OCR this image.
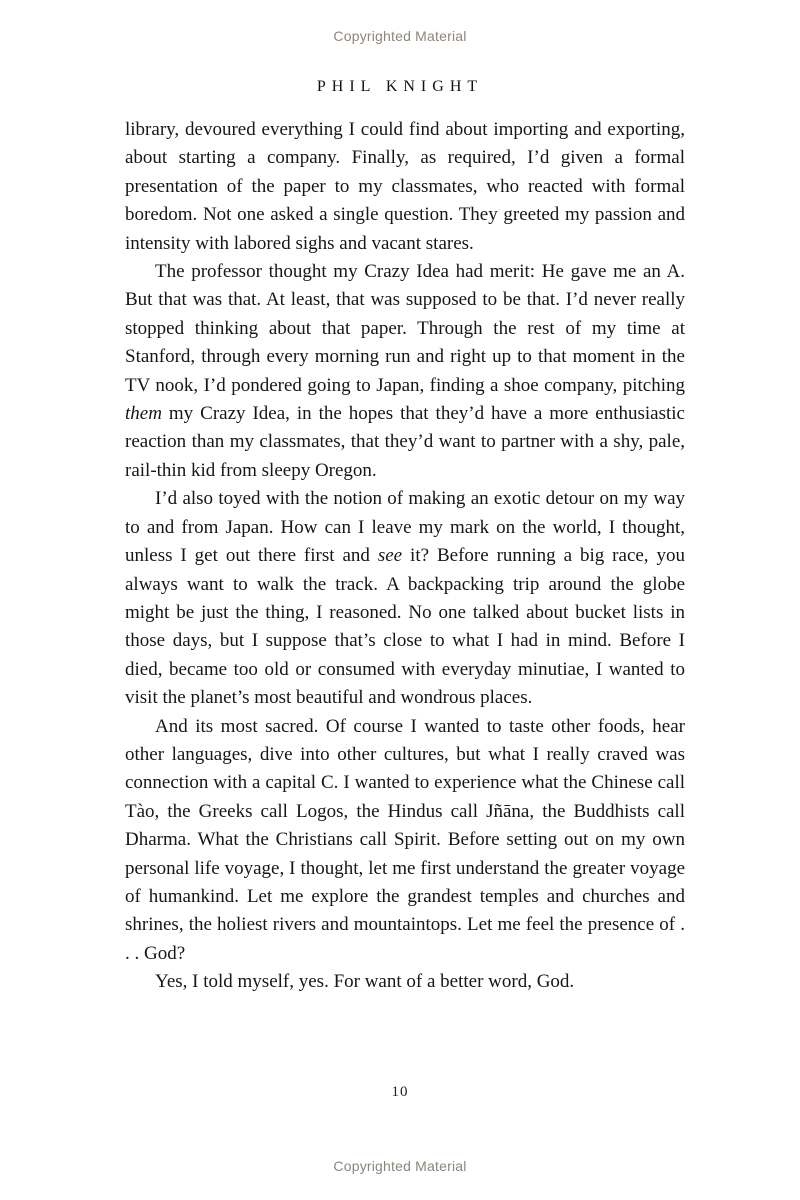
Copyrighted Material
PHIL KNIGHT

library, devoured everything I could find about importing and exporting, about starting a company. Finally, as required, I’d given a formal presentation of the paper to my classmates, who reacted with formal boredom. Not one asked a single question. They greeted my passion and intensity with labored sighs and vacant stares.

The professor thought my Crazy Idea had merit: He gave me an A. But that was that. At least, that was supposed to be that. I’d never really stopped thinking about that paper. Through the rest of my time at Stanford, through every morning run and right up to that moment in the TV nook, I’d pondered going to Japan, finding a shoe company, pitching them my Crazy Idea, in the hopes that they’d have a more enthusiastic reaction than my classmates, that they’d want to partner with a shy, pale, rail-thin kid from sleepy Oregon.

I’d also toyed with the notion of making an exotic detour on my way to and from Japan. How can I leave my mark on the world, I thought, unless I get out there first and see it? Before running a big race, you always want to walk the track. A backpacking trip around the globe might be just the thing, I reasoned. No one talked about bucket lists in those days, but I suppose that’s close to what I had in mind. Before I died, became too old or consumed with everyday minutiae, I wanted to visit the planet’s most beautiful and wondrous places.

And its most sacred. Of course I wanted to taste other foods, hear other languages, dive into other cultures, but what I really craved was connection with a capital C. I wanted to experience what the Chinese call Tào, the Greeks call Logos, the Hindus call Jñāna, the Buddhists call Dharma. What the Christians call Spirit. Before setting out on my own personal life voyage, I thought, let me first understand the greater voyage of humankind. Let me explore the grandest temples and churches and shrines, the holiest rivers and mountaintops. Let me feel the presence of . . . God?

Yes, I told myself, yes. For want of a better word, God.

10
Copyrighted Material
